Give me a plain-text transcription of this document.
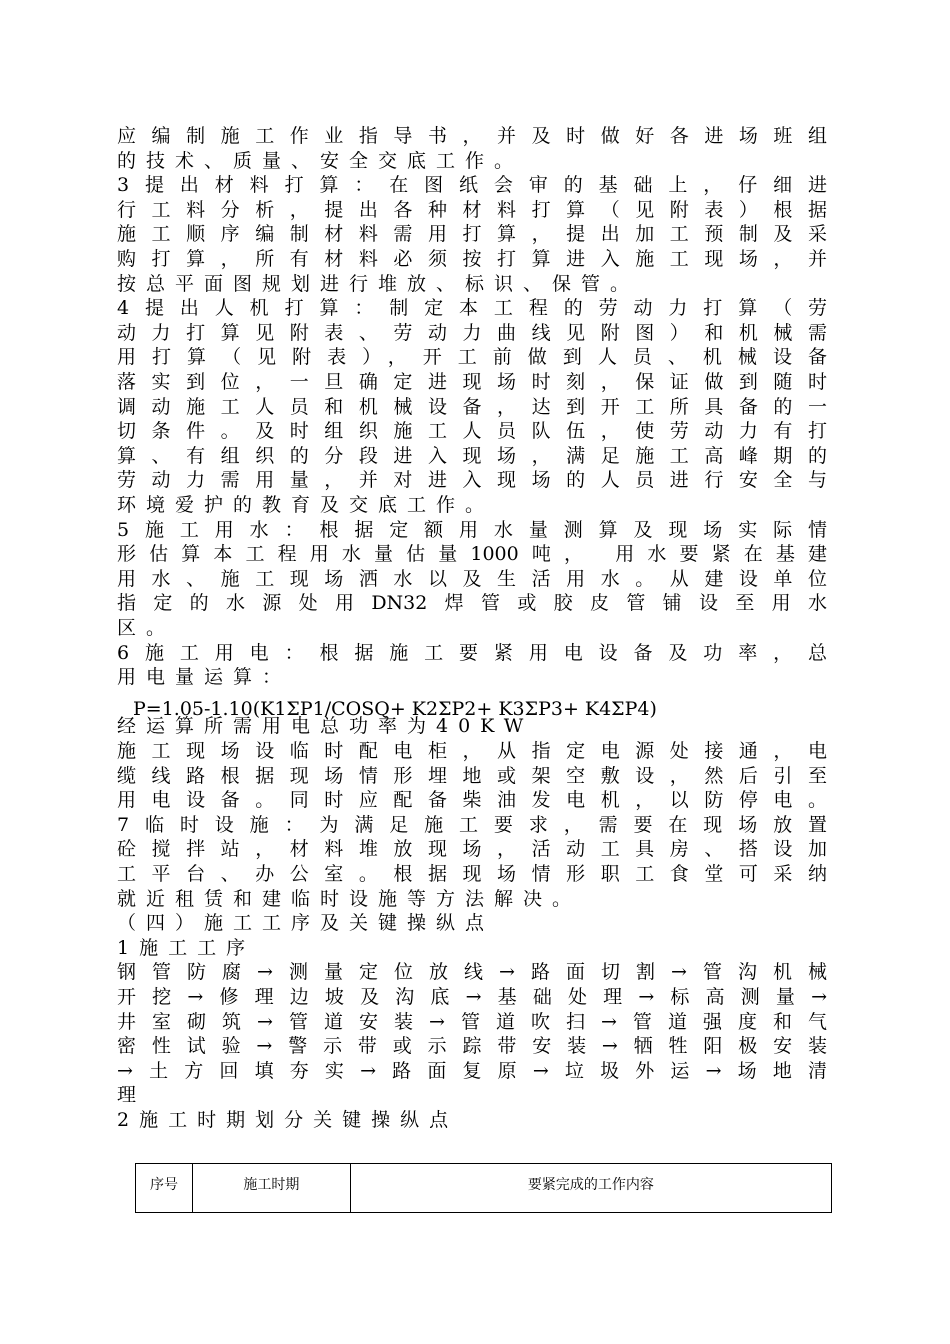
应编制施工作业指导书，并及时做好各进场班组
的技术、质量、安全交底工作。
3提出材料打算：在图纸会审的基础上，仔细进
行工料分析，提出各种材料打算（见附表）根据
施工顺序编制材料需用打算，提出加工预制及采
购打算，所有材料必须按打算进入施工现场，并
按总平面图规划进行堆放、标识、保管。
4提出人机打算：制定本工程的劳动力打算（劳
动力打算见附表、劳动力曲线见附图）和机械需
用打算（见附表），开工前做到人员、机械设备
落实到位，一旦确定进现场时刻，保证做到随时
调动施工人员和机械设备，达到开工所具备的一
切条件。及时组织施工人员队伍，使劳动力有打
算、有组织的分段进入现场，满足施工高峰期的
劳动力需用量，并对进入现场的人员进行安全与
环境爱护的教育及交底工作。
5施工用水：根据定额用水量测算及现场实际情
形估算本工程用水量估量1000吨， 用水要紧在基建
用水、施工现场洒水以及生活用水。从建设单位
指定的水源处用DN32焊管或胶皮管铺设至用水
区。
6施工用电：根据施工要紧用电设备及功率，总
用电量运算：
经运算所需用电总功率为40KW
施工现场设临时配电柜，从指定电源处接通，电
缆线路根据现场情形埋地或架空敷设，然后引至
用电设备。同时应配备柴油发电机，以防停电。
7临时设施：为满足施工要求，需要在现场放置
砼搅拌站，材料堆放现场，活动工具房、搭设加
工平台、办公室。根据现场情形职工食堂可采纳
就近租赁和建临时设施等方法解决。
（四）施工工序及关键操纵点
1施工工序
钢管防腐→测量定位放线→路面切割→管沟机械
开挖→修理边坡及沟底→基础处理→标高测量→
井室砌筑→管道安装→管道吹扫→管道强度和气
密性试验→警示带或示踪带安装→牺牲阳极安装
→土方回填夯实→路面复原→垃圾外运→场地清
理
2施工时期划分关键操纵点
P=1.05-1.10(K1ΣP1/COSQ+ K2ΣP2+ K3ΣP3+ K4ΣP4)
序号	施工时期	要紧完成的工作内容
